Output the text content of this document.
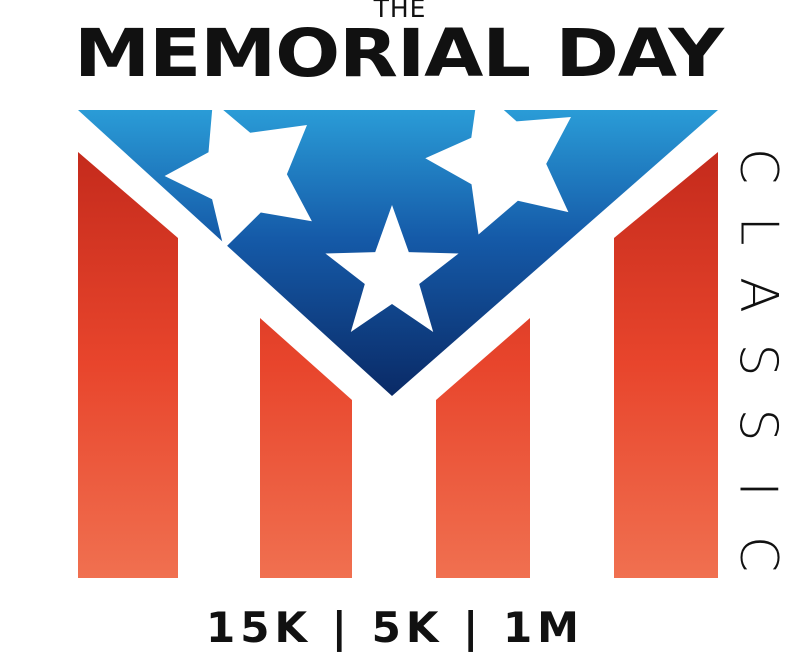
THE
MEMORIAL DAY
C
L
A
S
S
I
C
15K | 5K | 1M
